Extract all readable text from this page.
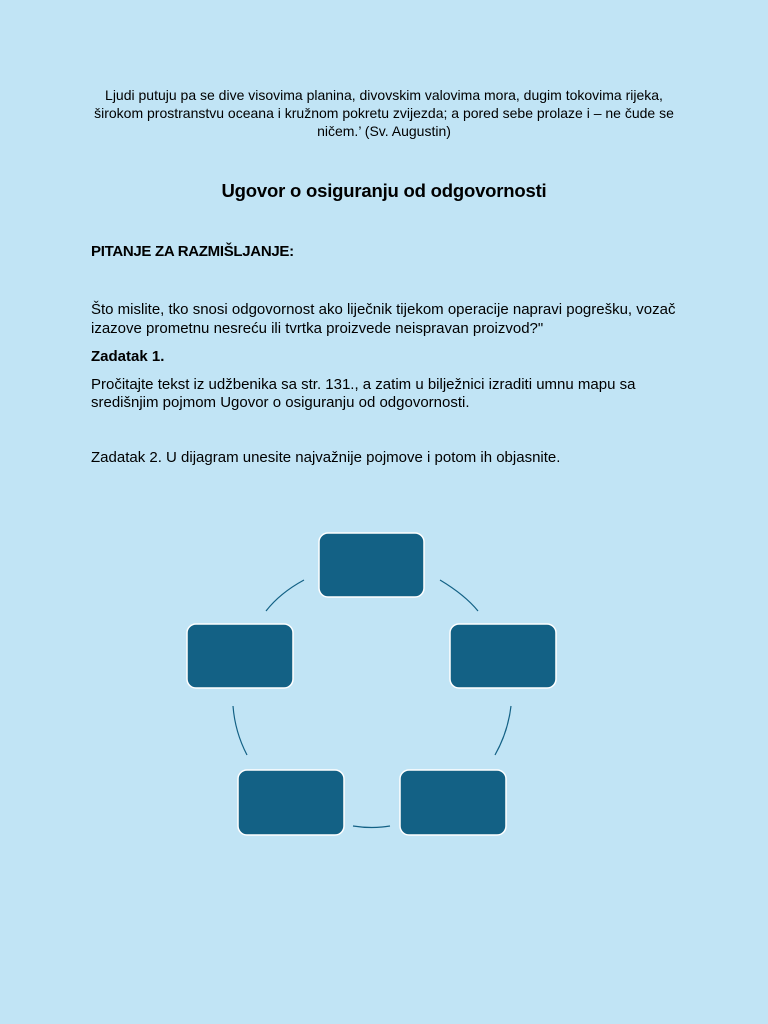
Ljudi putuju pa se dive visovima planina, divovskim valovima mora, dugim tokovima rijeka, širokom prostranstvu oceana i kružnom pokretu zvijezda; a pored sebe prolaze i – ne čude se ničem.’ (Sv. Augustin)
Ugovor o osiguranju od odgovornosti
PITANJE ZA RAZMIŠLJANJE:

Što mislite, tko snosi odgovornost ako liječnik tijekom operacije napravi pogrešku, vozač izazove prometnu nesreću ili tvrtka proizvede neispravan proizvod?"

Zadatak 1.

Pročitajte tekst iz udžbenika sa str. 131., a zatim u bilježnici izraditi umnu mapu sa središnjim pojmom Ugovor o osiguranju od odgovornosti.

Zadatak 2. U dijagram unesite najvažnije pojmove i potom ih objasnite.
